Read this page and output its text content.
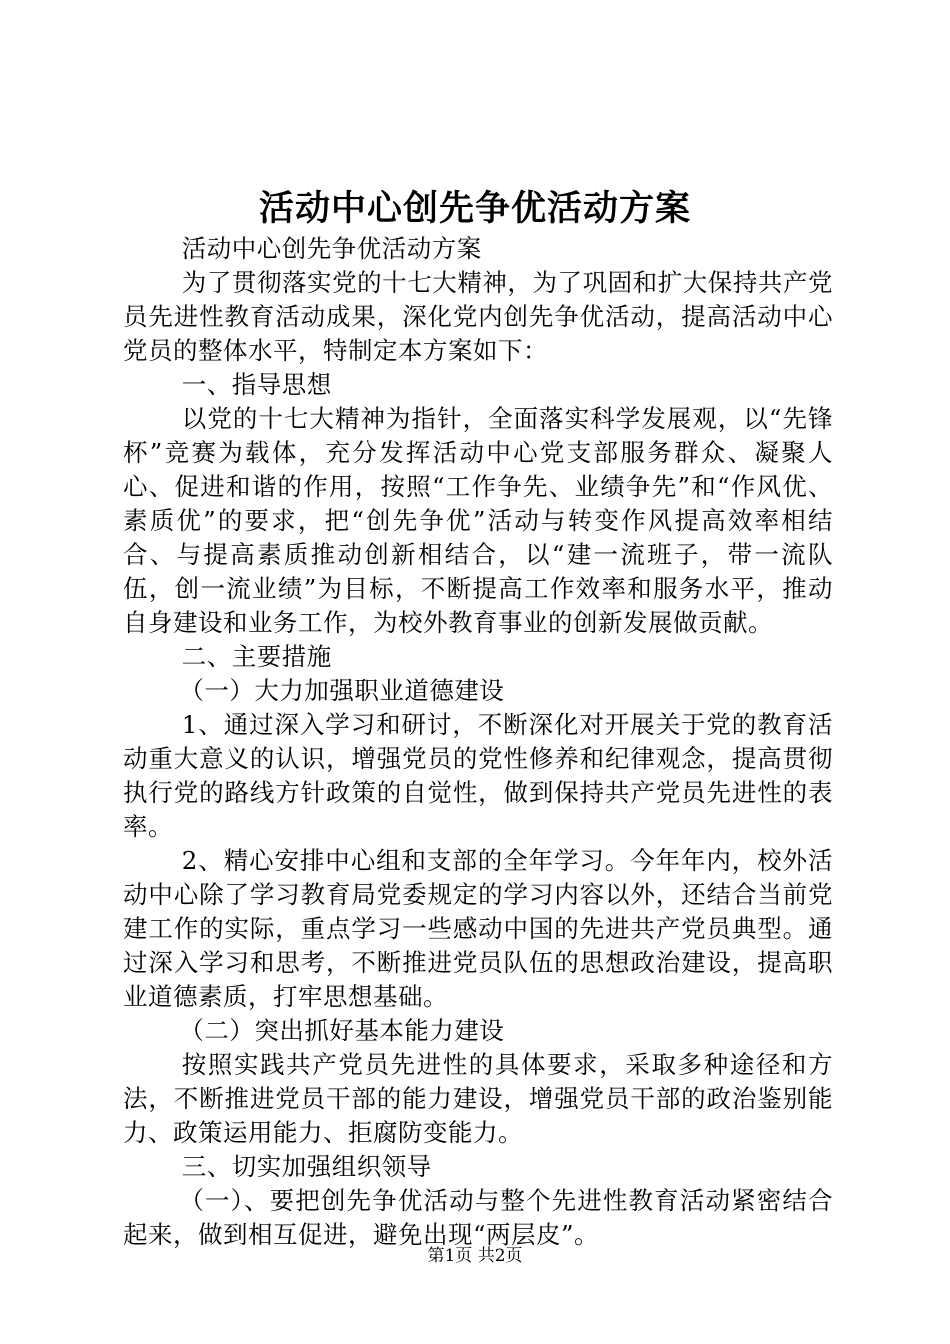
活动中心创先争优活动方案

活动中心创先争优活动方案

为了贯彻落实党的十七大精神，为了巩固和扩大保持共产党员先进性教育活动成果，深化党内创先争优活动，提高活动中心党员的整体水平，特制定本方案如下：

一、指导思想

以党的十七大精神为指针，全面落实科学发展观，以“先锋杯”竞赛为载体，充分发挥活动中心党支部服务群众、凝聚人心、促进和谐的作用，按照“工作争先、业绩争先”和“作风优、素质优”的要求，把“创先争优”活动与转变作风提高效率相结合、与提高素质推动创新相结合，以“建一流班子，带一流队伍，创一流业绩”为目标，不断提高工作效率和服务水平，推动自身建设和业务工作，为校外教育事业的创新发展做贡献。

二、主要措施

（一）大力加强职业道德建设

1、通过深入学习和研讨，不断深化对开展关于党的教育活动重大意义的认识，增强党员的党性修养和纪律观念，提高贯彻执行党的路线方针政策的自觉性，做到保持共产党员先进性的表率。

2、精心安排中心组和支部的全年学习。今年年内，校外活动中心除了学习教育局党委规定的学习内容以外，还结合当前党建工作的实际，重点学习一些感动中国的先进共产党员典型。通过深入学习和思考，不断推进党员队伍的思想政治建设，提高职业道德素质，打牢思想基础。

（二）突出抓好基本能力建设

按照实践共产党员先进性的具体要求，采取多种途径和方法，不断推进党员干部的能力建设，增强党员干部的政治鉴别能力、政策运用能力、拒腐防变能力。

三、切实加强组织领导

（一）、要把创先争优活动与整个先进性教育活动紧密结合起来，做到相互促进，避免出现“两层皮”。

第1页 共2页
